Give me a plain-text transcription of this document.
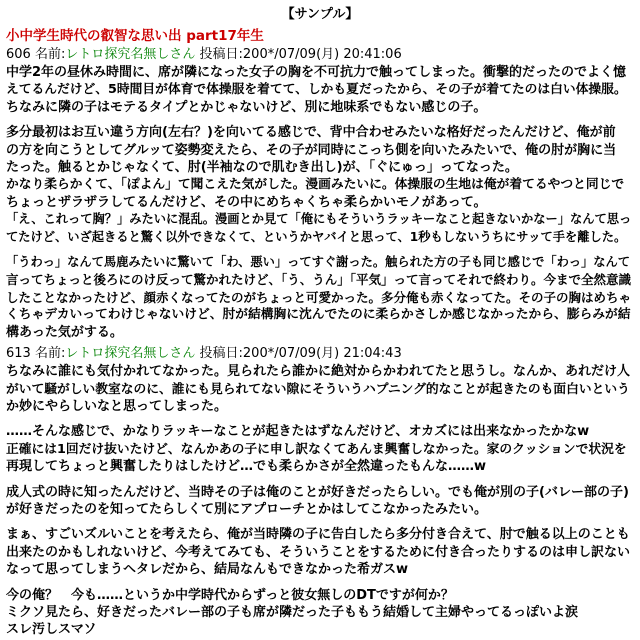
【サンプル】
小中学生時代の叡智な思い出 part17年生
606 名前:レトロ探究名無しさん 投稿日:200*/07/09(月) 20:41:06
中学2年の昼休み時間に、席が隣になった女子の胸を不可抗力で触ってしまった。衝撃的だったのでよく憶
えてるんだけど、5時間目が体育で体操服を着てて、しかも夏だったから、その子が着てたのは白い体操服。
ちなみに隣の子はモテるタイプとかじゃないけど、別に地味系でもない感じの子。
多分最初はお互い違う方向(左右？)を向いてる感じで、背中合わせみたいな格好だったんだけど、俺が前
の方を向こうとしてグルッて姿勢変えたら、その子が同時にこっち側を向いたみたいで、俺の肘が胸に当
たった。触るとかじゃなくて、肘(半袖なので肌むき出し)が、「ぐにゅっ」ってなった。
かなり柔らかくて、「ぽよん」て聞こえた気がした。漫画みたいに。体操服の生地は俺が着てるやつと同じで
ちょっとザラザラしてるんだけど、その中にめちゃくちゃ柔らかいモノがあって。
「え、これって胸？」みたいに混乱。漫画とか見て「俺にもそういうラッキーなこと起きないかなー」なんて思っ
てたけど、いざ起きると驚く以外できなくて、というかヤバイと思って、1秒もしないうちにサッて手を離した。
「うわっ」なんて馬鹿みたいに驚いて「わ、悪い」ってすぐ謝った。触られた方の子も同じ感じで「わっ」なんて
言ってちょっと後ろにのけ反って驚かれたけど、「う、うん」「平気」って言ってそれで終わり。今まで全然意識
したことなかったけど、顔赤くなってたのがちょっと可愛かった。多分俺も赤くなってた。その子の胸はめちゃ
くちゃデカいってわけじゃないけど、肘が結構胸に沈んでたのに柔らかさしか感じなかったから、膨らみが結
構あった気がする。
613 名前:レトロ探究名無しさん 投稿日:200*/07/09(月) 21:04:43
ちなみに誰にも気付かれてなかった。見られたら誰かに絶対からかわれてたと思うし。なんか、あれだけ人
がいて騒がしい教室なのに、誰にも見られてない隙にそういうハプニング的なことが起きたのも面白いという
か妙にやらしいなと思ってしまった。
……そんな感じで、かなりラッキーなことが起きたはずなんだけど、オカズには出来なかったかなw
正確には1回だけ抜いたけど、なんかあの子に申し訳なくてあんま興奮しなかった。家のクッションで状況を
再現してちょっと興奮したりはしたけど…でも柔らかさが全然違ったもんな……w
成人式の時に知ったんだけど、当時その子は俺のことが好きだったらしい。でも俺が別の子(バレー部の子)
が好きだったのを知ってたらしくて別にアプローチとかはしてこなかったみたい。
まぁ、すごいズルいことを考えたら、俺が当時隣の子に告白したら多分付き合えて、肘で触る以上のことも
出来たのかもしれないけど、今考えてみても、そういうことをするために付き合ったりするのは申し訳ない
なって思ってしまうヘタレだから、結局なんもできなかった希ガスw
今の俺？　今も……というか中学時代からずっと彼女無しのDTですが何か？
ミクソ見たら、好きだったバレー部の子も席が隣だった子ももう結婚して主婦やってるっぽいよ涙
スレ汚しスマソ
